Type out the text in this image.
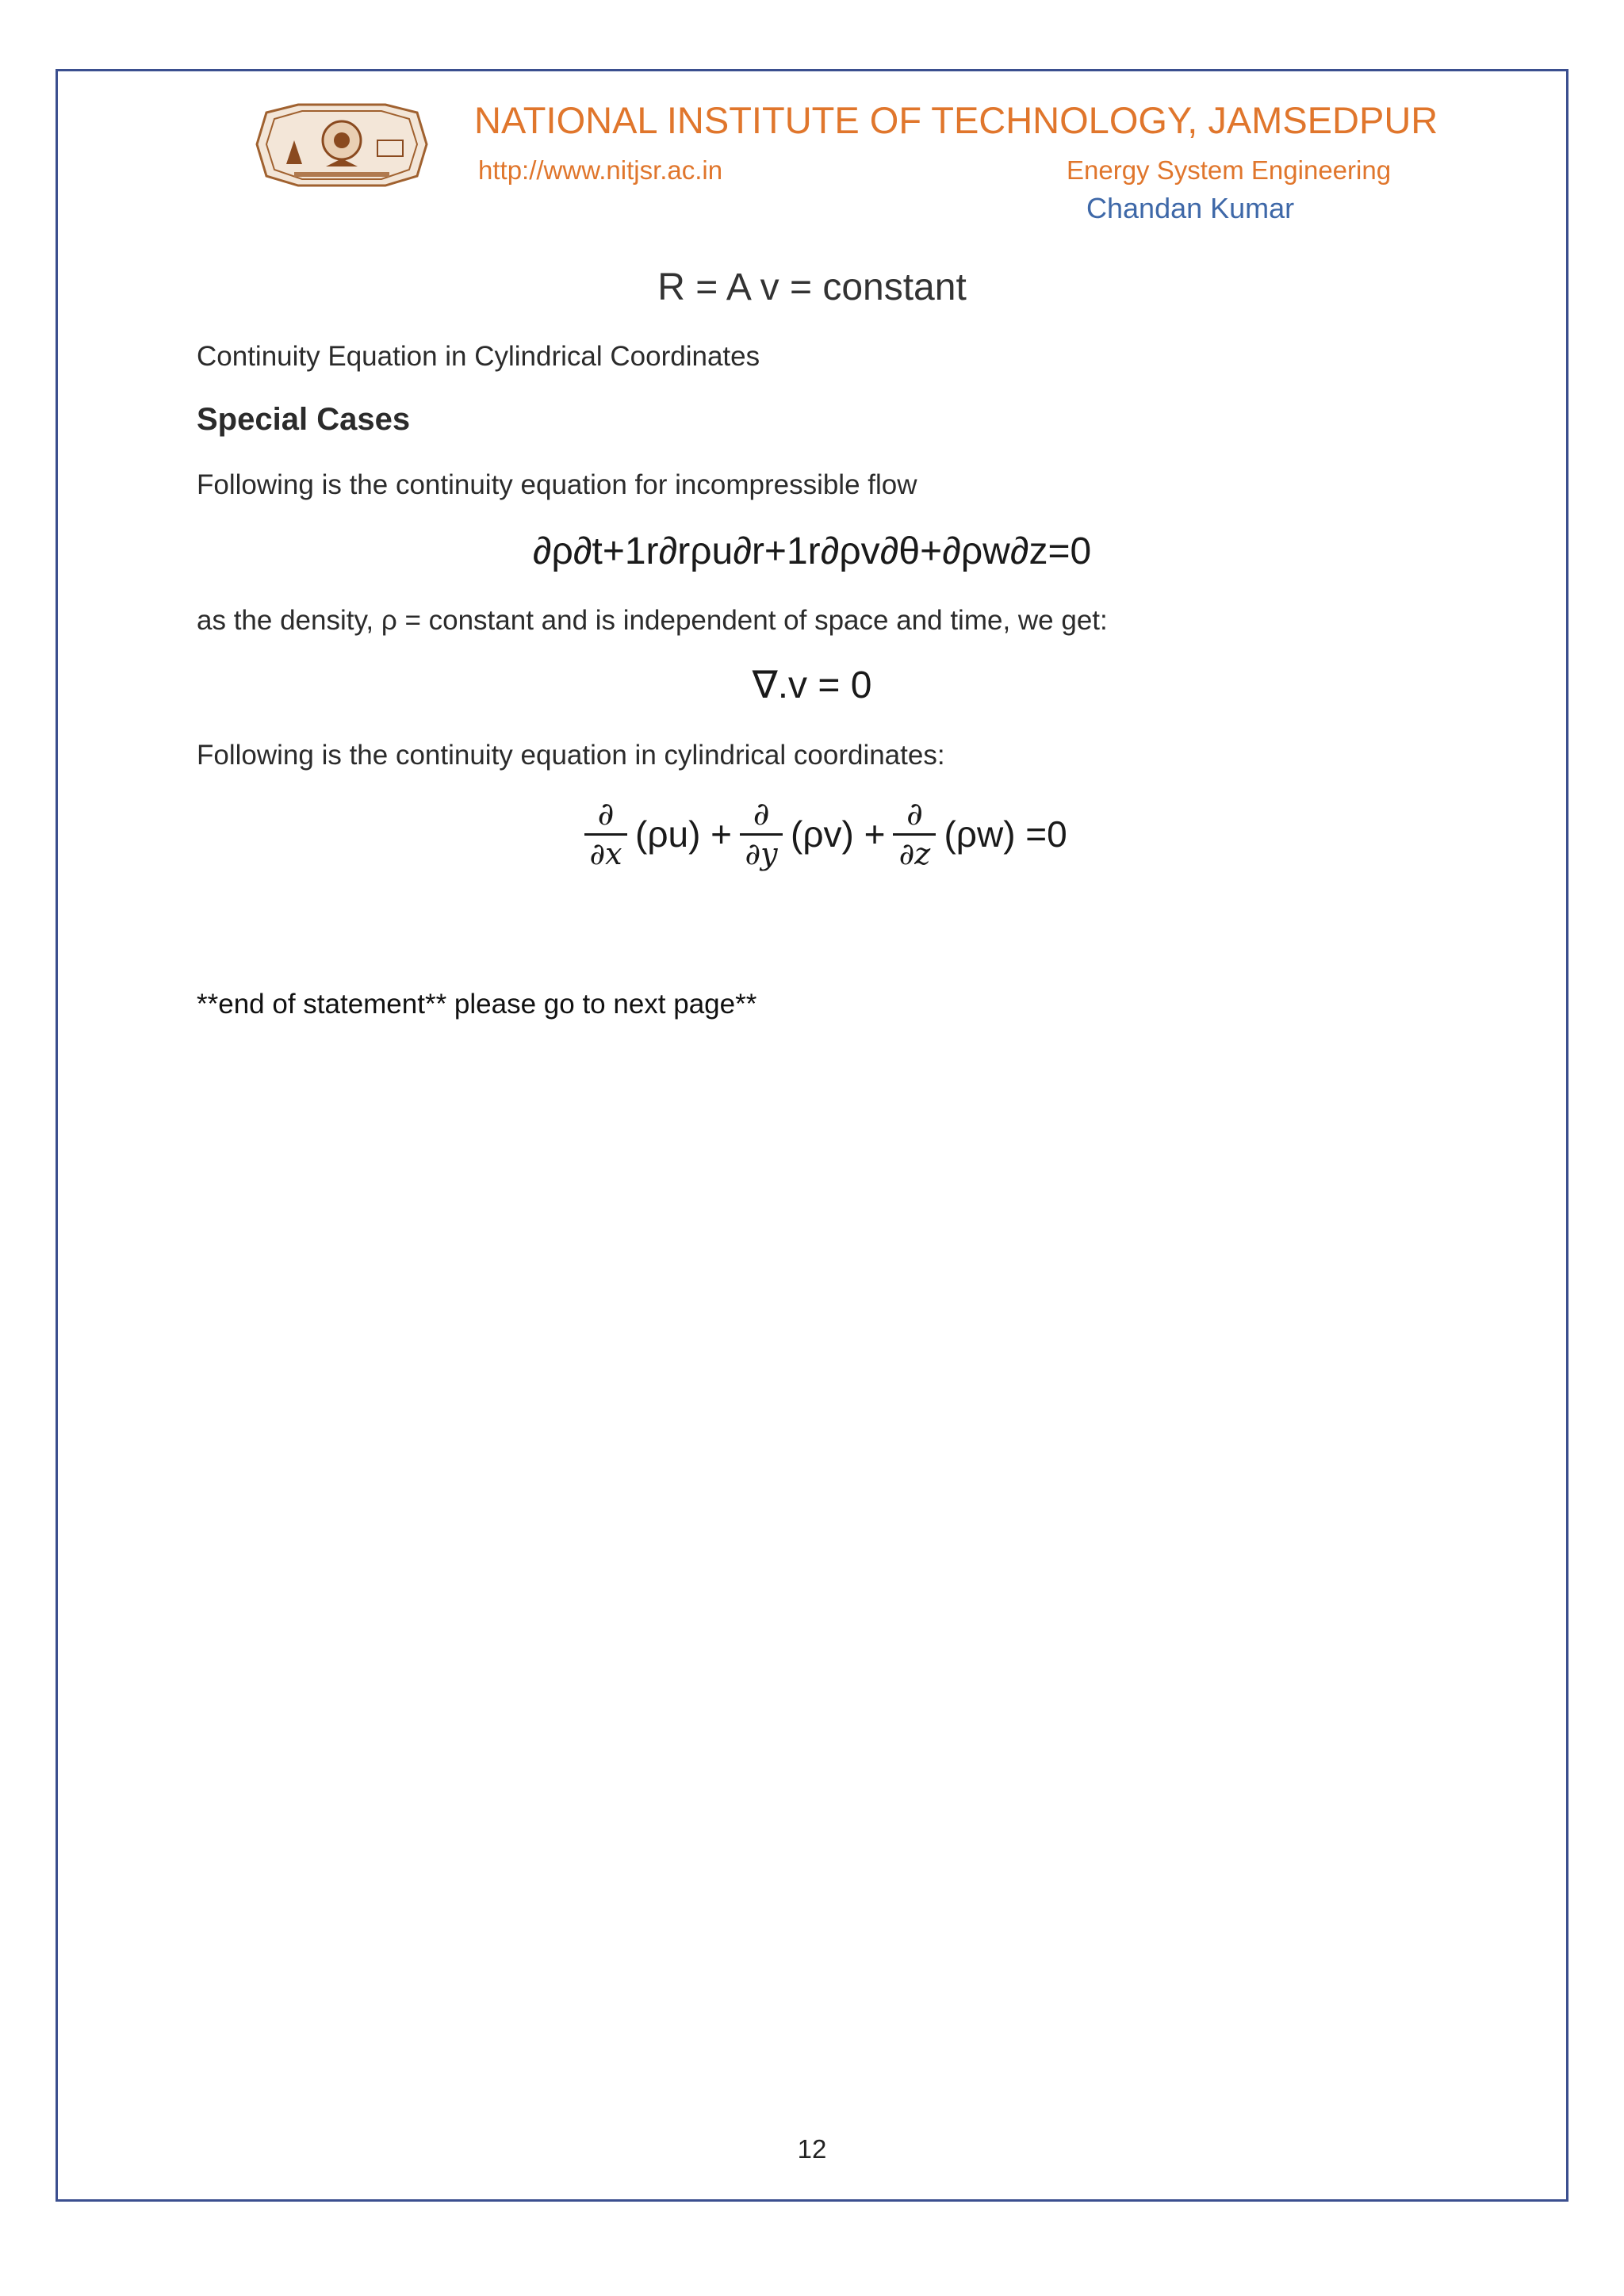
NATIONAL INSTITUTE OF TECHNOLOGY, JAMSEDPUR
http://www.nitjsr.ac.in	Energy System Engineering
Chandan Kumar
R = A v = constant
Continuity Equation in Cylindrical Coordinates
Special Cases
Following is the continuity equation for incompressible flow
∂ρ∂t+1r∂rρu∂r+1r∂ρv∂θ+∂ρw∂z=0
as the density, ρ = constant and is independent of space and time, we get:
∇.v = 0
Following is the continuity equation in cylindrical coordinates:
$\frac{\partial}{\partial x} (\rho u) + \frac{\partial}{\partial y} (\rho v) + \frac{\partial}{\partial z} (\rho w) =0$
**end of statement** please go to next page**
12
